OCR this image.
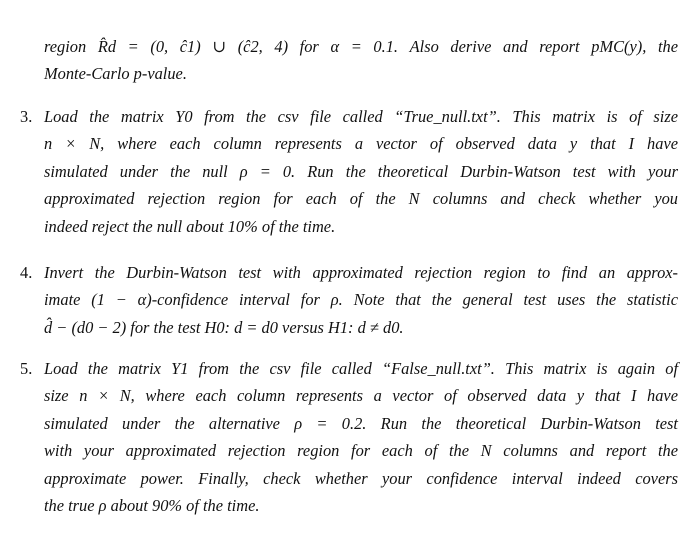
region R̂d = (0, ĉ1) ∪ (ĉ2, 4) for α = 0.1. Also derive and report pMC(y), the
Monte-Carlo p-value.
3. Load the matrix Y0 from the csv file called “True_null.txt”. This matrix is of size
n × N, where each column represents a vector of observed data y that I have
simulated under the null ρ = 0. Run the theoretical Durbin-Watson test with your
approximated rejection region for each of the N columns and check whether you
indeed reject the null about 10% of the time.
4. Invert the Durbin-Watson test with approximated rejection region to find an approx-
imate (1 − α)-confidence interval for ρ. Note that the general test uses the statistic
d̂ − (d0 − 2) for the test H0: d = d0 versus H1: d ≠ d0.
5. Load the matrix Y1 from the csv file called “False_null.txt”. This matrix is again of
size n × N, where each column represents a vector of observed data y that I have
simulated under the alternative ρ = 0.2. Run the theoretical Durbin-Watson test
with your approximated rejection region for each of the N columns and report the
approximate power. Finally, check whether your confidence interval indeed covers
the true ρ about 90% of the time.
